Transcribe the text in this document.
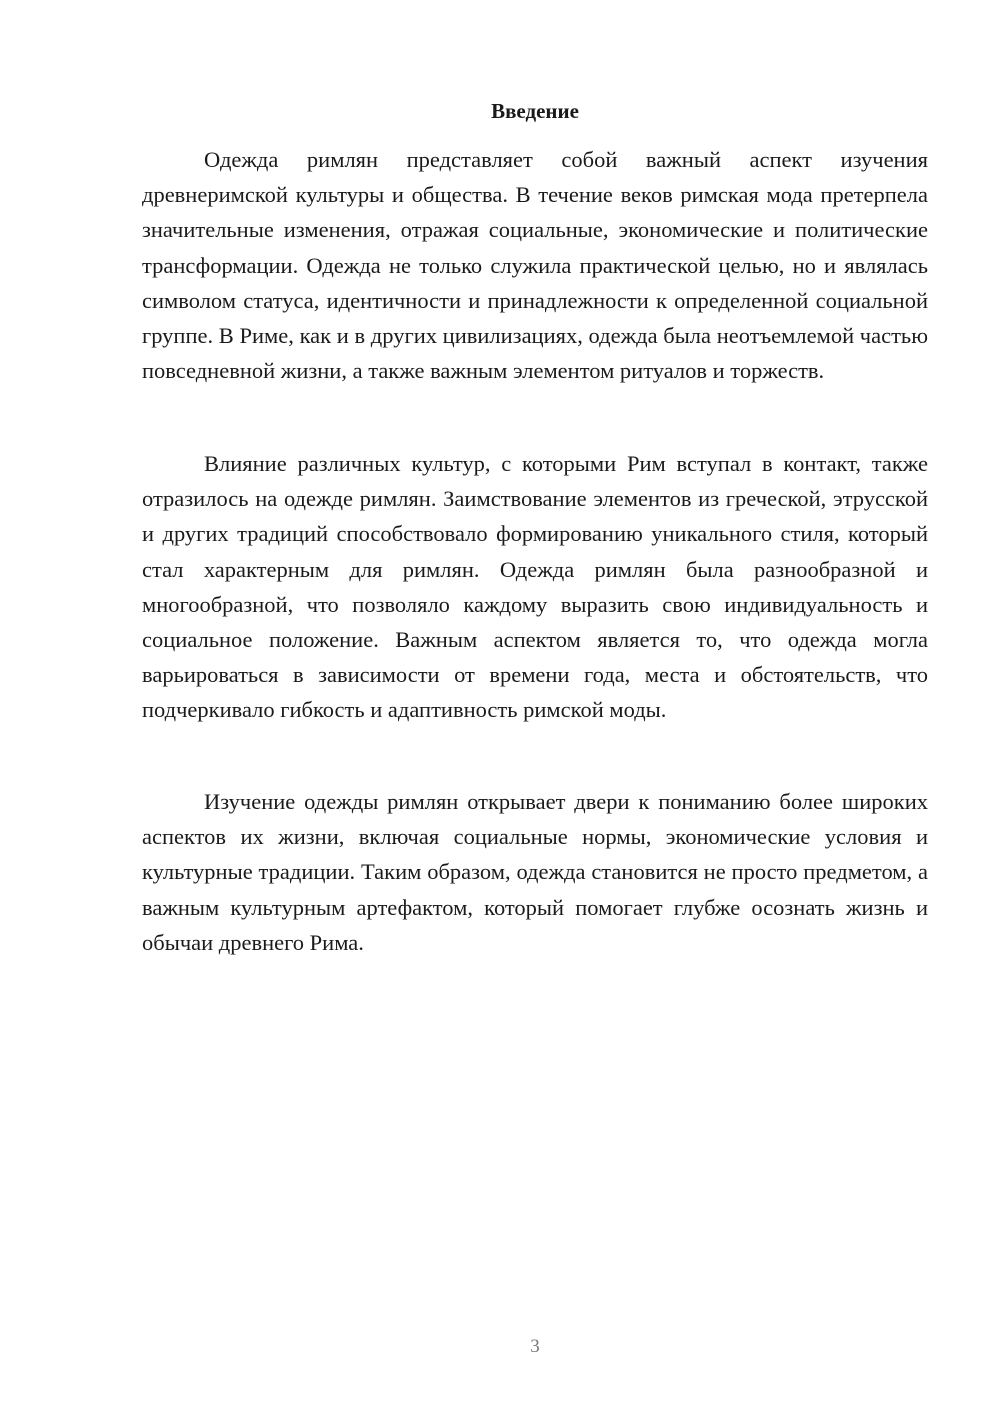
Введение

Одежда римлян представляет собой важный аспект изучения древнеримской культуры и общества. В течение веков римская мода претерпела значительные изменения, отражая социальные, экономические и политические трансформации. Одежда не только служила практической целью, но и являлась символом статуса, идентичности и принадлежности к определенной социальной группе. В Риме, как и в других цивилизациях, одежда была неотъемлемой частью повседневной жизни, а также важным элементом ритуалов и торжеств.

Влияние различных культур, с которыми Рим вступал в контакт, также отразилось на одежде римлян. Заимствование элементов из греческой, этрусской и других традиций способствовало формированию уникального стиля, который стал характерным для римлян. Одежда римлян была разнообразной и многообразной, что позволяло каждому выразить свою индивидуальность и социальное положение. Важным аспектом является то, что одежда могла варьироваться в зависимости от времени года, места и обстоятельств, что подчеркивало гибкость и адаптивность римской моды.

Изучение одежды римлян открывает двери к пониманию более широких аспектов их жизни, включая социальные нормы, экономические условия и культурные традиции. Таким образом, одежда становится не просто предметом, а важным культурным артефактом, который помогает глубже осознать жизнь и обычаи древнего Рима.

3
